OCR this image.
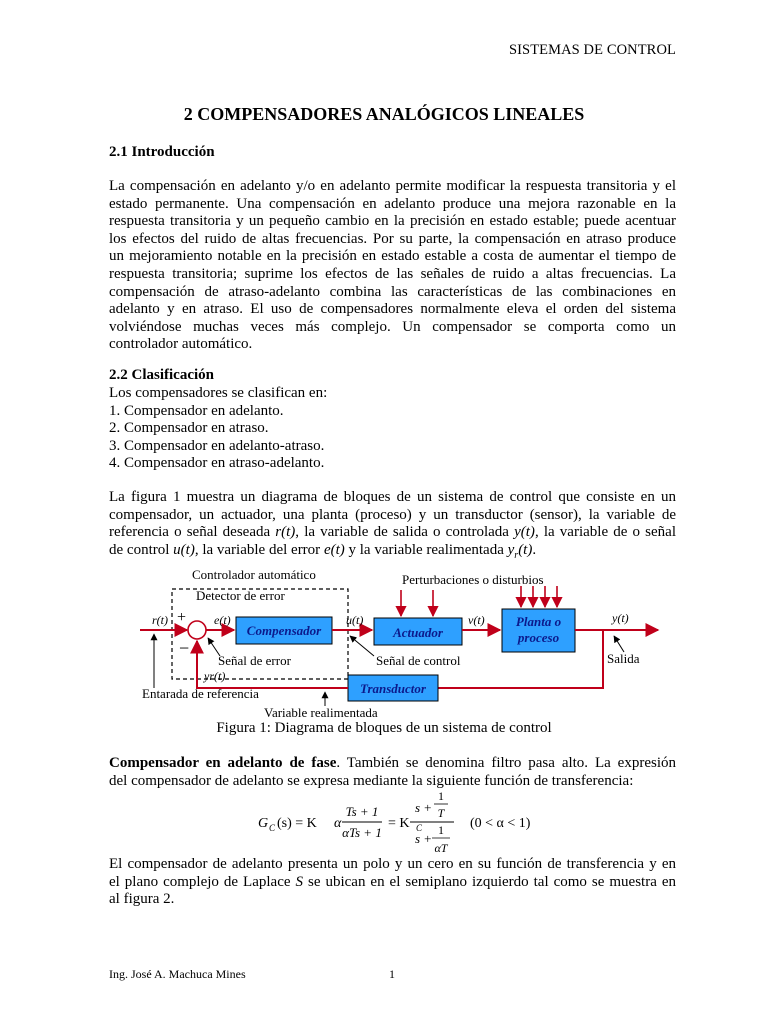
SISTEMAS DE CONTROL
2 COMPENSADORES ANALÓGICOS LINEALES
2.1 Introducción
La compensación en adelanto y/o en adelanto permite modificar la respuesta transitoria y el
estado permanente. Una compensación en adelanto produce una mejora razonable en la
respuesta transitoria y un pequeño cambio en la precisión en estado estable; puede acentuar
los efectos del ruido de altas frecuencias. Por su parte, la compensación en atraso produce
un mejoramiento notable en la precisión en estado estable a costa de aumentar el tiempo de
respuesta transitoria; suprime los efectos de las señales de ruido a altas frecuencias. La
compensación de atraso-adelanto combina las características de las combinaciones en
adelanto y en atraso. El uso de compensadores normalmente eleva el orden del sistema
volviéndose muchas veces más complejo. Un compensador se comporta como un
controlador automático.
2.2 Clasificación
Los compensadores se clasifican en:
1. Compensador en adelanto.
2. Compensador en atraso.
3. Compensador en adelanto-atraso.
4. Compensador en atraso-adelanto.
La figura 1 muestra un diagrama de bloques de un sistema de control que consiste en un
compensador, un actuador, una planta (proceso) y un transductor (sensor), la variable de
referencia o señal deseada r(t), la variable de salida o controlada y(t), la variable de o señal
de control u(t), la variable del error e(t) y la variable realimentada $y_r(t)$.
Controlador automático
Detector de error
Compensador	Actuador
Planta o
proceso
Transductor
Perturbaciones o disturbios
r(t)	e(t)	u(t)	v(t)	y(t)
yr(t)
+
−
Señal de error	Señal de control	Salida
Entarada de referencia
Variable realimentada
Figura 1: Diagrama de bloques de un sistema de control
Compensador en adelanto de fase. También se denomina filtro pasa alto. La expresión
del compensador de adelanto se expresa mediante la siguiente función de transferencia:
G C (s) = K α
Ts + 1
αTs + 1
= K C
s +
1
T
s +
1
αT
(0 < α < 1)
El compensador de adelanto presenta un polo y un cero en su función de transferencia y en
el plano complejo de Laplace S se ubican en el semiplano izquierdo tal como se muestra en
al figura 2.
Ing. José A. Machuca Mines	1
